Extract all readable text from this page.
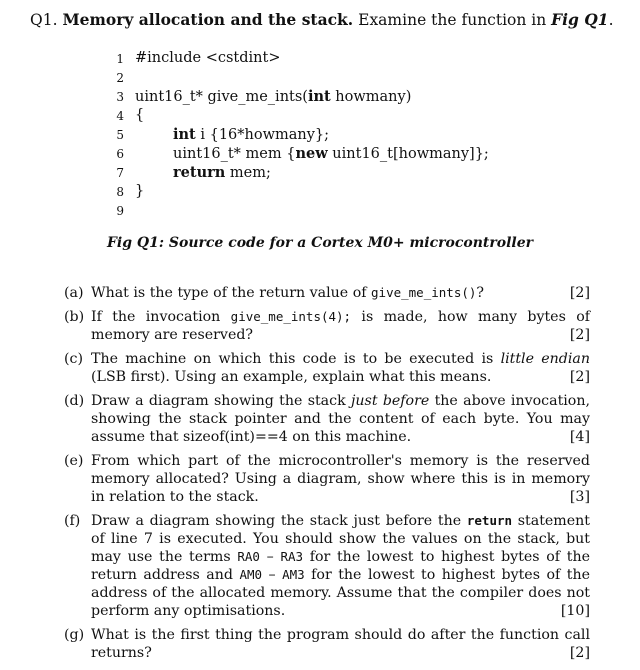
Q1. Memory allocation and the stack. Examine the function in Fig Q1.
1 #include <cstdint>
2
3 uint16_t* give_me_ints(int howmany)
4 {
5	int i {16*howmany};
6	uint16_t* mem {new uint16_t[howmany]};
7	return mem;
8 }
9
Fig Q1: Source code for a Cortex M0+ microcontroller
(a) What is the type of the return value of give_me_ints()?	[2]
(b) If the invocation give_me_ints(4); is made, how many bytes of memory are reserved?	[2]
(c) The machine on which this code is to be executed is little endian (LSB first). Using an example, explain what this means.	[2]
(d) Draw a diagram showing the stack just before the above invocation, showing the stack pointer and the content of each byte. You may assume that sizeof(int)==4 on this machine.	[4]
(e) From which part of the microcontroller's memory is the reserved memory allocated? Using a diagram, show where this is in memory in relation to the stack.	[3]
(f) Draw a diagram showing the stack just before the return statement of line 7 is executed. You should show the values on the stack, but may use the terms RA0 – RA3 for the lowest to highest bytes of the return address and AM0 – AM3 for the lowest to highest bytes of the address of the allocated memory. Assume that the compiler does not perform any optimisations.	[10]
(g) What is the first thing the program should do after the function call returns?	[2]
